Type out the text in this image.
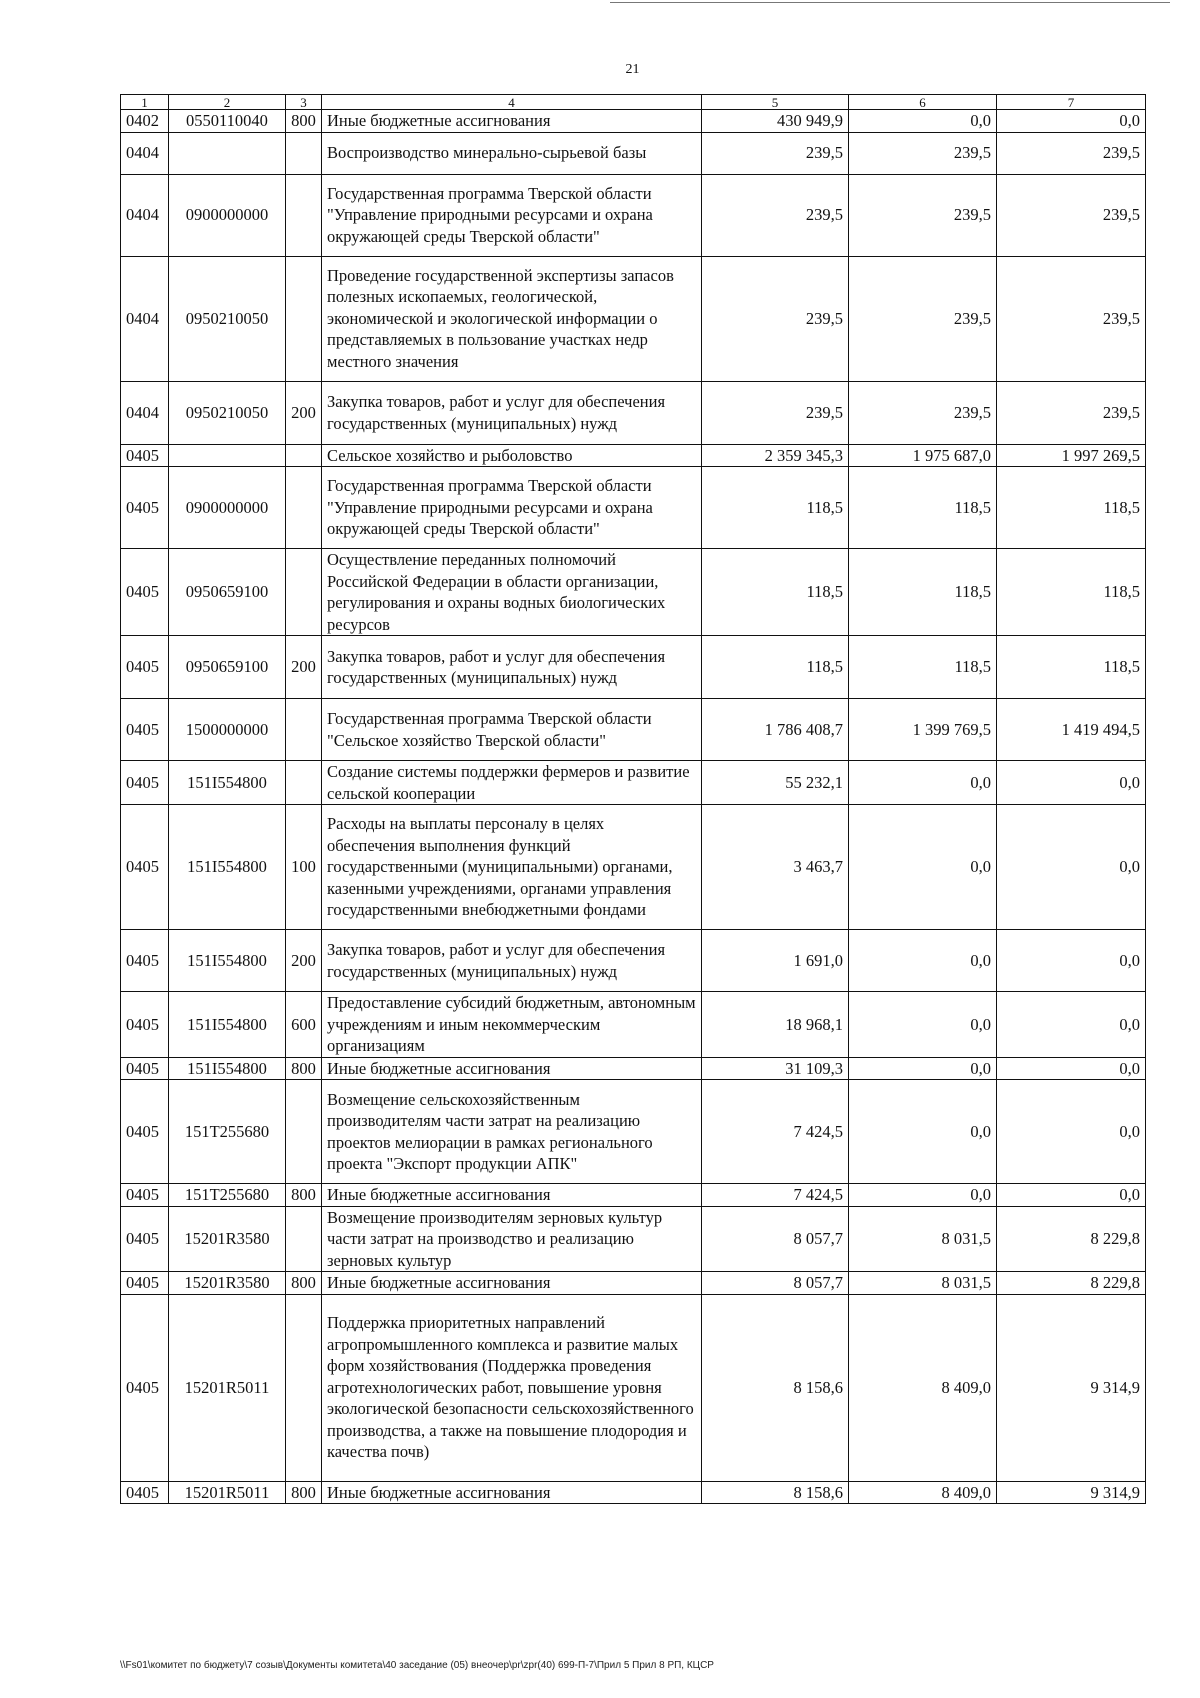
21
1	2	3	4	5	6	7
0402	0550110040	800	Иные бюджетные ассигнования	430 949,9	0,0	0,0
0404			Воспроизводство минерально-сырьевой базы	239,5	239,5	239,5
0404	0900000000		Государственная программа Тверской области "Управление природными ресурсами и охрана окружающей среды Тверской области"	239,5	239,5	239,5
0404	0950210050		Проведение государственной экспертизы запасов полезных ископаемых, геологической, экономической и экологической информации о представляемых в пользование участках недр местного значения	239,5	239,5	239,5
0404	0950210050	200	Закупка товаров, работ и услуг для обеспечения государственных (муниципальных) нужд	239,5	239,5	239,5
0405			Сельское хозяйство и рыболовство	2 359 345,3	1 975 687,0	1 997 269,5
0405	0900000000		Государственная программа Тверской области "Управление природными ресурсами и охрана окружающей среды Тверской области"	118,5	118,5	118,5
0405	0950659100		Осуществление переданных полномочий Российской Федерации в области организации, регулирования и охраны водных биологических ресурсов	118,5	118,5	118,5
0405	0950659100	200	Закупка товаров, работ и услуг для обеспечения государственных (муниципальных) нужд	118,5	118,5	118,5
0405	1500000000		Государственная программа Тверской области "Сельское хозяйство Тверской области"	1 786 408,7	1 399 769,5	1 419 494,5
0405	151I554800		Создание системы поддержки фермеров и развитие сельской кооперации	55 232,1	0,0	0,0
0405	151I554800	100	Расходы на выплаты персоналу в целях обеспечения выполнения функций государственными (муниципальными) органами, казенными учреждениями, органами управления государственными внебюджетными фондами	3 463,7	0,0	0,0
0405	151I554800	200	Закупка товаров, работ и услуг для обеспечения государственных (муниципальных) нужд	1 691,0	0,0	0,0
0405	151I554800	600	Предоставление субсидий бюджетным, автономным учреждениям и иным некоммерческим организациям	18 968,1	0,0	0,0
0405	151I554800	800	Иные бюджетные ассигнования	31 109,3	0,0	0,0
0405	151T255680		Возмещение сельскохозяйственным производителям части затрат на реализацию проектов мелиорации в рамках регионального проекта "Экспорт продукции АПК"	7 424,5	0,0	0,0
0405	151T255680	800	Иные бюджетные ассигнования	7 424,5	0,0	0,0
0405	15201R3580		Возмещение производителям зерновых культур части затрат на производство и реализацию зерновых культур	8 057,7	8 031,5	8 229,8
0405	15201R3580	800	Иные бюджетные ассигнования	8 057,7	8 031,5	8 229,8
0405	15201R5011		Поддержка приоритетных направлений агропромышленного комплекса и развитие малых форм хозяйствования (Поддержка проведения агротехнологических работ, повышение уровня экологической безопасности сельскохозяйственного производства, а также на повышение плодородия и качества почв)	8 158,6	8 409,0	9 314,9
0405	15201R5011	800	Иные бюджетные ассигнования	8 158,6	8 409,0	9 314,9
\\Fs01\комитет по бюджету\7 созыв\Документы комитета\40 заседание (05) внеочер\pr\zpr(40) 699-П-7\Прил 5 Прил 8 РП, КЦСР
